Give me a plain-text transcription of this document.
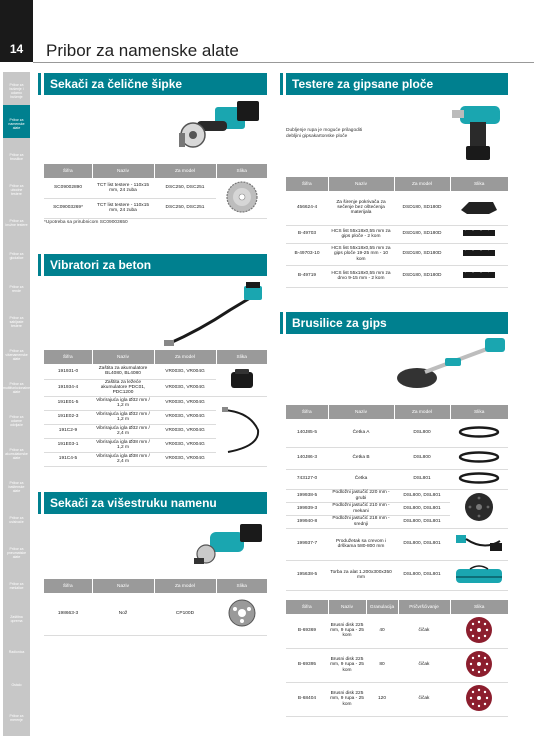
14	Pribor za namenske alate
Pribor za bušenje i udarno bušenje
Pribor za namenske alate
Pribor za brusilice
Pribor za ubodne testere
Pribor za kružne testere
Pribor za glodalice
Pribor za rende
Pribor za sabljaste testere
Pribor za višenamenske alate
Pribor za multifunkcionalne alate
Pribor za udarne odvijače
Pribor za akumulatorske alate
Pribor za baštenske alate
Pribor za usisivače
Pribor za pneumatske alate
Pribor za mešalice
Zaštitna oprema
Radionica
Ostalo
Pribor za merenje
Sekači za čelične šipke
Šifra	Naziv	Za model	Slika
SC09002890	TCT list testere - 110x15 mm, 24 zuba	DSC250, DSC251	
SC09003269*	TCT list testere - 110x15 mm, 24 zuba	DSC250, DSC251	
*Upotreba sa prirubnicom SC09003650
Vibratori za beton
Šifra	Naziv	Za model	Slika
191931-0	Zaštita za akumulatore BL4080, BL4080	VR003G, VR004G	
191934-4	Zaštita za ležeće akumulatore PDC01, PDC1200	VR003G, VR004G	
191E01-5	Vibrirajuća igla Ø32 mm / 1,2 m	VR003G, VR004G	
191E02-3	Vibrirajuća igla Ø32 mm / 1,2 m	VR003G, VR004G	
191C2-9	Vibrirajuća igla Ø32 mm / 2,4 m	VR003G, VR004G	
191E03-1	Vibrirajuća igla Ø38 mm / 1,2 m	VR003G, VR004G	
191C4-5	Vibrirajuća igla Ø38 mm / 2,4 m	VR003G, VR004G	
Sekači za višestruku namenu
Šifra	Naziv	Za model	Slika
198663-3	Nož	CP100D	
Testere za gipsane ploče
Dubljenje rupa je moguće prilagoditi debljini gipsakartonske ploče
Šifra	Naziv	Za model	Slika
456624-4	Za širenje pokrivača za sečenje bez oštećenja materijala	DSD180, SD180D	
B-49703	HCS list 55x18x0,55 mm za gips ploče - 2 kom	DSD180, SD180D	
B-49703-10	HCS list 55x18x0,55 mm za gips ploče 19-25 mm - 10 kom	DSD180, SD180D	
B-49719	HCS list 55x18x0,55 mm za drvo 9-15 mm - 2 kom	DSD180, SD180D	
Brusilice za gips
Šifra	Naziv	Za model	Slika
140J85-5	Četka A	DSL800	
140J86-3	Četka B	DSL800	
743127-0	Četka	DSL801	
199938-5	Podložni jastučić 220 mm - grubi	DSL800, DSL801	
199939-3	Podložni jastučić 210 mm - mekani	DSL800, DSL801	
199940-8	Podložni jastučić 218 mm - srednji	DSL800, DSL801	
199937-7	Produžetak sa crevom i drškama 580-800 mm	DSL800, DSL801	
195638-5	Torba za alat 1.200x300x350 mm	DSL800, DSL801	
Šifra	Naziv	Granulacija	Pričvršćivanje	Slika
B-69369	Brusni disk 225 mm, 9 rupa - 25 kom	40	čičak	
B-69395	Brusni disk 225 mm, 9 rupa - 25 kom	80	čičak	
B-68404	Brusni disk 225 mm, 9 rupa - 25 kom	120	čičak	
